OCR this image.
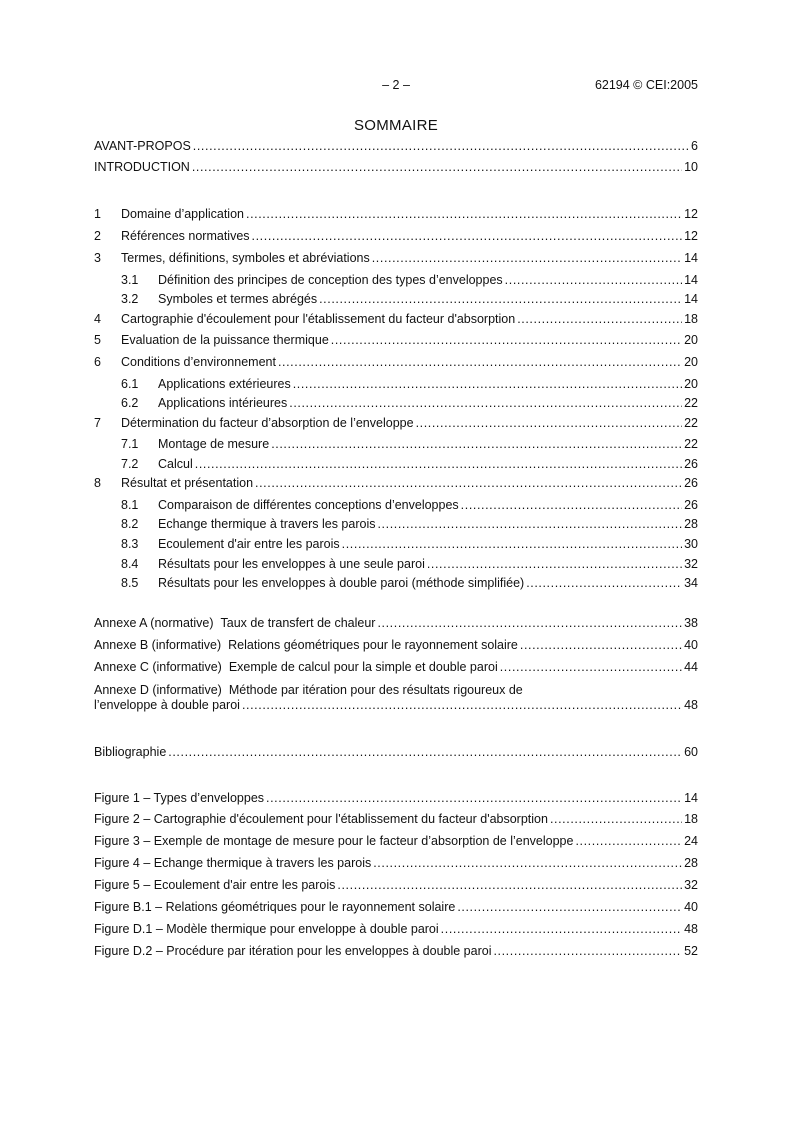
– 2 –	62194 © CEI:2005
SOMMAIRE
AVANT-PROPOS .....	6
INTRODUCTION .....	10
1	Domaine d’application .....	12
2	Références normatives .....	12
3	Termes, définitions, symboles et abréviations .....	14
3.1	Définition des principes de conception des types d’enveloppes .....	14
3.2	Symboles et termes abrégés .....	14
4	Cartographie d'écoulement pour l'établissement du facteur d'absorption .....	18
5	Evaluation de la puissance thermique .....	20
6	Conditions d’environnement .....	20
6.1	Applications extérieures .....	20
6.2	Applications intérieures .....	22
7	Détermination du facteur d’absorption de l’enveloppe .....	22
7.1	Montage de mesure .....	22
7.2	Calcul .....	26
8	Résultat et présentation .....	26
8.1	Comparaison de différentes conceptions d’enveloppes .....	26
8.2	Echange thermique à travers les parois .....	28
8.3	Ecoulement d'air entre les parois .....	30
8.4	Résultats pour les enveloppes à une seule paroi .....	32
8.5	Résultats pour les enveloppes à double paroi (méthode simplifiée) .....	34
Annexe A (normative) Taux de transfert de chaleur .....	38
Annexe B (informative) Relations géométriques pour le rayonnement solaire .....	40
Annexe C (informative) Exemple de calcul pour la simple et double paroi .....	44
Annexe D (informative) Méthode par itération pour des résultats rigoureux de
l’enveloppe à double paroi .....	48
Bibliographie .....	60
Figure 1 – Types d’enveloppes .....	14
Figure 2 – Cartographie d'écoulement pour l'établissement du facteur d'absorption .....	18
Figure 3 – Exemple de montage de mesure pour le facteur d’absorption de l’enveloppe .....	24
Figure 4 – Echange thermique à travers les parois .....	28
Figure 5 – Ecoulement d'air entre les parois .....	32
Figure B.1 – Relations géométriques pour le rayonnement solaire .....	40
Figure D.1 – Modèle thermique pour enveloppe à double paroi .....	48
Figure D.2 – Procédure par itération pour les enveloppes à double paroi .....	52
